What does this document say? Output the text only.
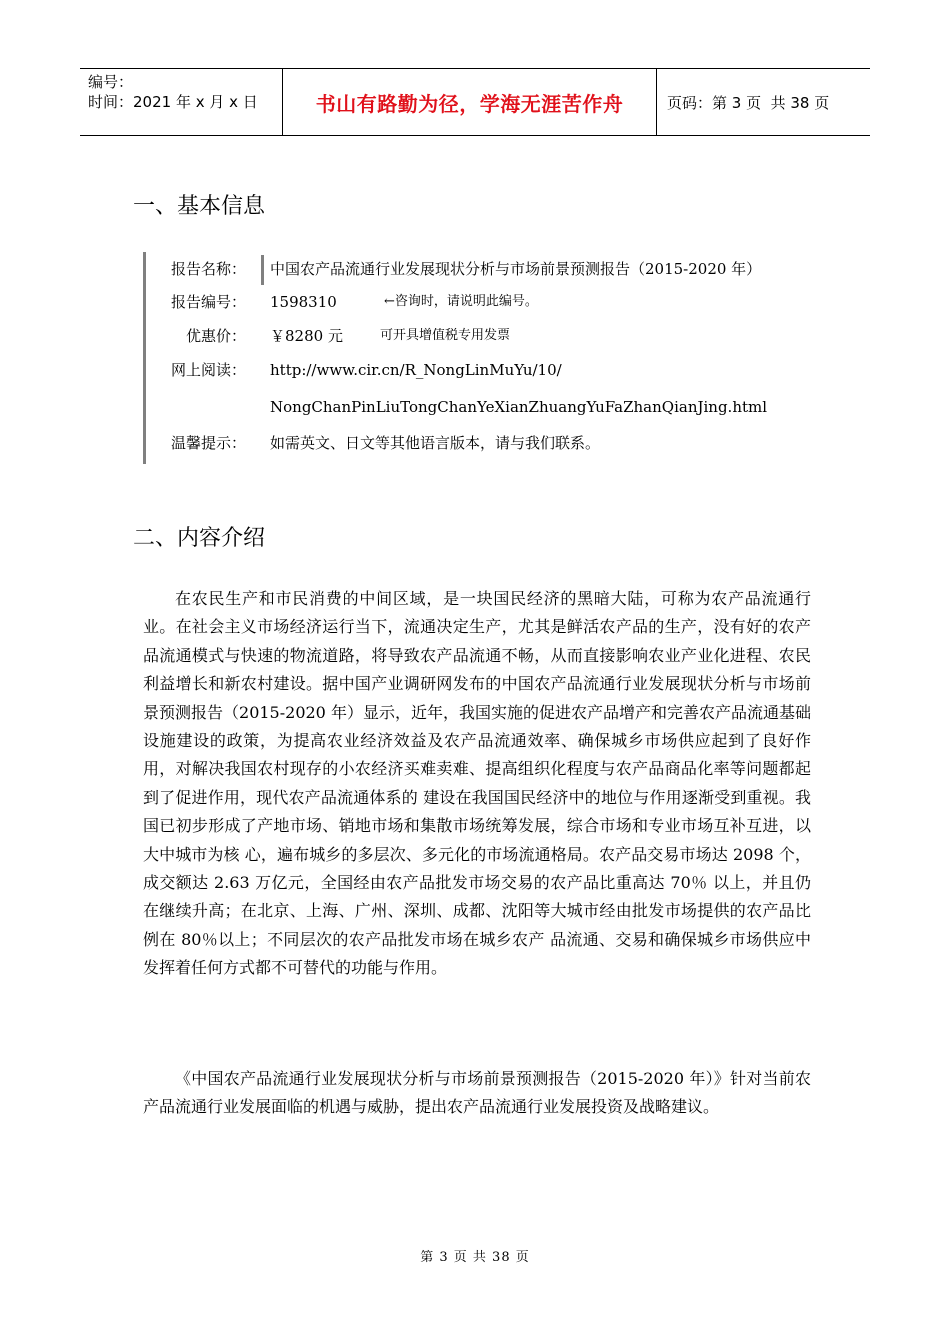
编号：
时间：2021 年 x 月 x 日	书山有路勤为径，学海无涯苦作舟	页码：第 3 页  共 38 页
一、基本信息
报告名称： 中国农产品流通行业发展现状分析与市场前景预测报告（2015-2020 年）
报告编号： 1598310	←咨询时，请说明此编号。
优惠价： ￥8280 元	可开具增值税专用发票
网上阅读： http://www.cir.cn/R_NongLinMuYu/10/
NongChanPinLiuTongChanYeXianZhuangYuFaZhanQianJing.html
温馨提示： 如需英文、日文等其他语言版本，请与我们联系。
二、内容介绍
在农民生产和市民消费的中间区域，是一块国民经济的黑暗大陆，可称为农产品流通行 业。在社会主义市场经济运行当下，流通决定生产，尤其是鲜活农产品的生产，没有好的农产品流通模式与快速的物流道路，将导致农产品流通不畅，从而直接影响农业产业化进程、农民利益增长和新农村建设。据中国产业调研网发布的中国农产品流通行业发展现状分析与市场前景预测报告（2015-2020 年）显示，近年，我国实施的促进农产品增产和完善农产品流通基础设施建设的政策，为提高农业经济效益及农产品流通效率、确保城乡市场供应起到了良好作用，对解决我国农村现存的小农经济买难卖难、提高组织化程度与农产品商品化率等问题都起到了促进作用，现代农产品流通体系的 建设在我国国民经济中的地位与作用逐渐受到重视。我国已初步形成了产地市场、销地市场和集散市场统筹发展，综合市场和专业市场互补互进，以大中城市为核 心，遍布城乡的多层次、多元化的市场流通格局。农产品交易市场达 2098 个，成交额达 2.63 万亿元，全国经由农产品批发市场交易的农产品比重高达 70％ 以上，并且仍在继续升高；在北京、上海、广州、深圳、成都、沈阳等大城市经由批发市场提供的农产品比例在 80％以上；不同层次的农产品批发市场在城乡农产 品流通、交易和确保城乡市场供应中发挥着任何方式都不可替代的功能与作用。
《中国农产品流通行业发展现状分析与市场前景预测报告（2015-2020 年）》针对当前农产品流通行业发展面临的机遇与威胁，提出农产品流通行业发展投资及战略建议。
第 3 页 共 38 页
